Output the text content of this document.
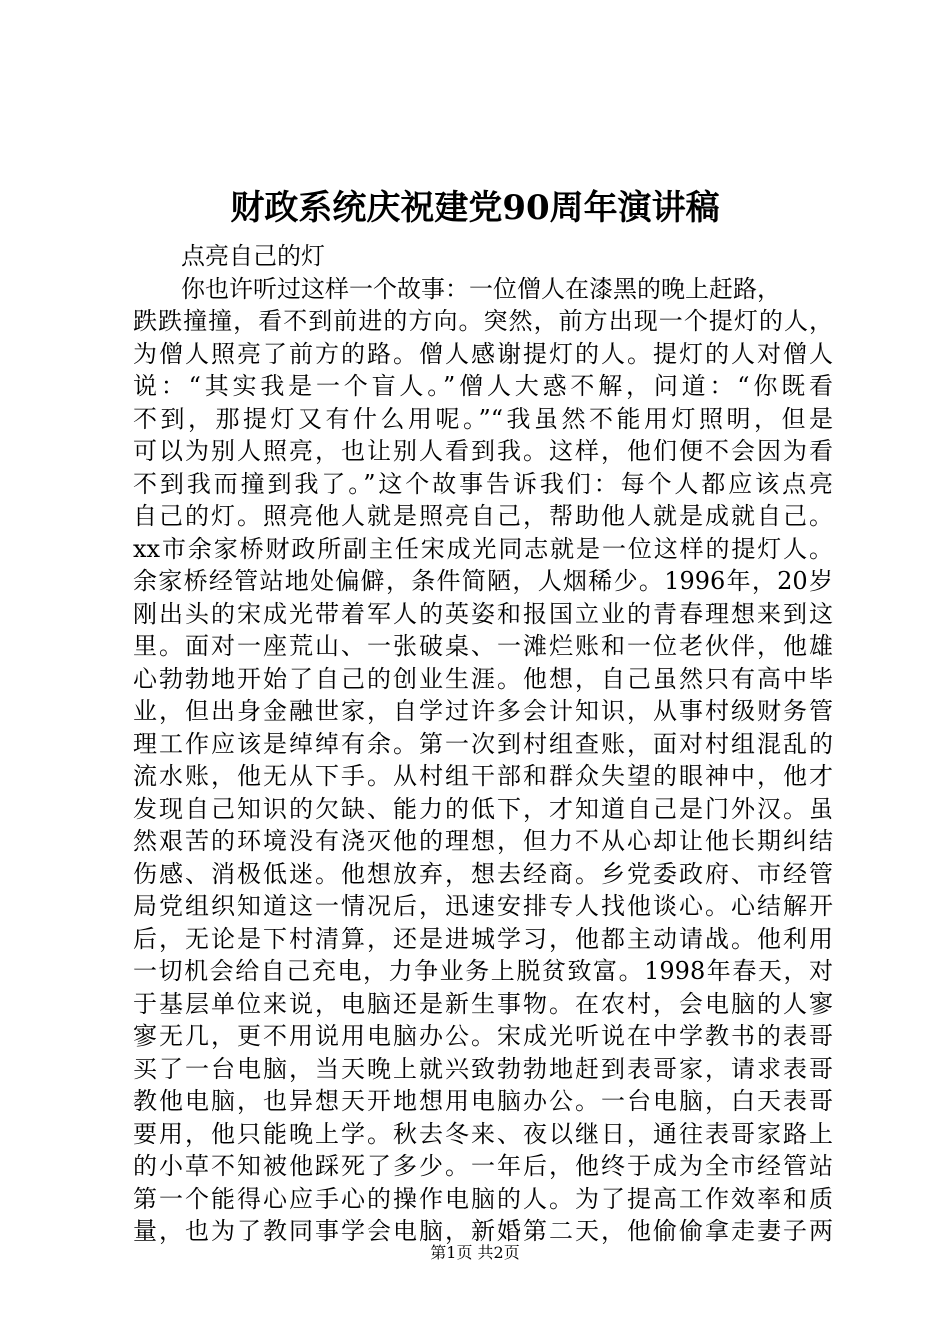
财政系统庆祝建党90周年演讲稿
点亮自己的灯
你也许听过这样一个故事：一位僧人在漆黑的晚上赶路，
跌跌撞撞，看不到前进的方向。突然，前方出现一个提灯的人，
为僧人照亮了前方的路。僧人感谢提灯的人。提灯的人对僧人
说：“其实我是一个盲人。”僧人大惑不解，问道：“你既看
不到，那提灯又有什么用呢。”“我虽然不能用灯照明，但是
可以为别人照亮，也让别人看到我。这样，他们便不会因为看
不到我而撞到我了。”这个故事告诉我们：每个人都应该点亮
自己的灯。照亮他人就是照亮自己，帮助他人就是成就自己。
xx市余家桥财政所副主任宋成光同志就是一位这样的提灯人。
余家桥经管站地处偏僻，条件简陋，人烟稀少。1996年，20岁
刚出头的宋成光带着军人的英姿和报国立业的青春理想来到这
里。面对一座荒山、一张破桌、一滩烂账和一位老伙伴，他雄
心勃勃地开始了自己的创业生涯。他想，自己虽然只有高中毕
业，但出身金融世家，自学过许多会计知识，从事村级财务管
理工作应该是绰绰有余。第一次到村组查账，面对村组混乱的
流水账，他无从下手。从村组干部和群众失望的眼神中，他才
发现自己知识的欠缺、能力的低下，才知道自己是门外汉。虽
然艰苦的环境没有浇灭他的理想，但力不从心却让他长期纠结
伤感、消极低迷。他想放弃，想去经商。乡党委政府、市经管
局党组织知道这一情况后，迅速安排专人找他谈心。心结解开
后，无论是下村清算，还是进城学习，他都主动请战。他利用
一切机会给自己充电，力争业务上脱贫致富。1998年春天，对
于基层单位来说，电脑还是新生事物。在农村，会电脑的人寥
寥无几，更不用说用电脑办公。宋成光听说在中学教书的表哥
买了一台电脑，当天晚上就兴致勃勃地赶到表哥家，请求表哥
教他电脑，也异想天开地想用电脑办公。一台电脑，白天表哥
要用，他只能晚上学。秋去冬来、夜以继日，通往表哥家路上
的小草不知被他踩死了多少。一年后，他终于成为全市经管站
第一个能得心应手心的操作电脑的人。为了提高工作效率和质
量，也为了教同事学会电脑，新婚第二天，他偷偷拿走妻子两
第1页 共2页
